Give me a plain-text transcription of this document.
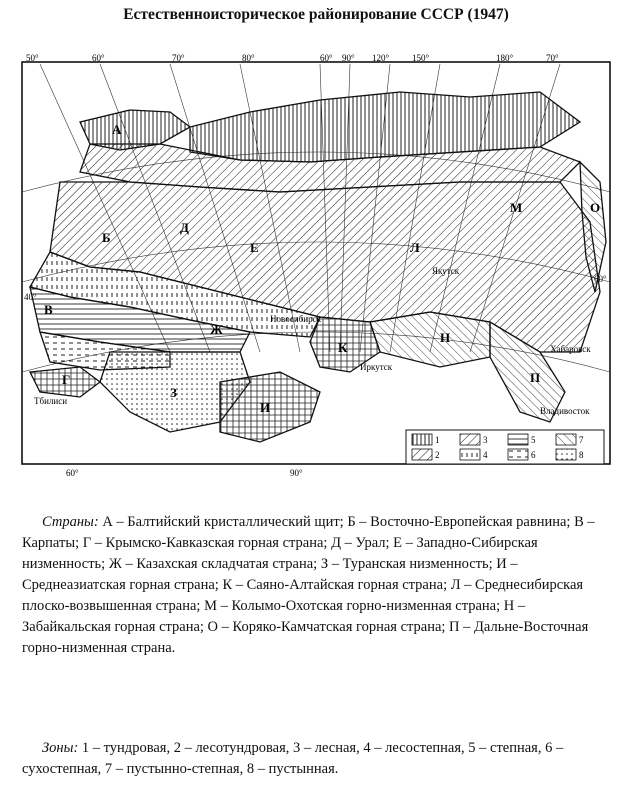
Естественноисторическое районирование СССР (1947)
А
Б
В
Г
Д
Е
Ж
З
И
К
Л
М
Н
О
П
Якутск
Иркутск
Хабаровск
Владивосток
Новосибирск
Тбилиси
50°	60°	70°	80°	60° 90° 120°	150°	180°	70°
40°
60°
60°	90°
1
2
3
4
5
6
7
8
Страны: А – Балтийский кристаллический щит; Б – Восточно-Европейская равнина; В – Карпаты; Г – Крымско-Кавказская горная страна; Д – Урал; Е – Западно-Сибирская низменность; Ж – Казахская складчатая страна; З – Туранская низменность; И – Среднеазиатская горная страна; К – Саяно-Алтайская горная страна; Л – Среднесибирская плоско-возвышенная страна; М – Колымо-Охотская горно-низменная страна; Н – Забайкальская горная страна; О – Коряко-Камчатская горная страна; П – Дальне-Восточная горно-низменная страна.
Зоны: 1 – тундровая, 2 – лесотундровая, 3 – лесная, 4 – лесостепная, 5 – степная, 6 – сухостепная, 7 – пустынно-степная, 8 – пустынная.
